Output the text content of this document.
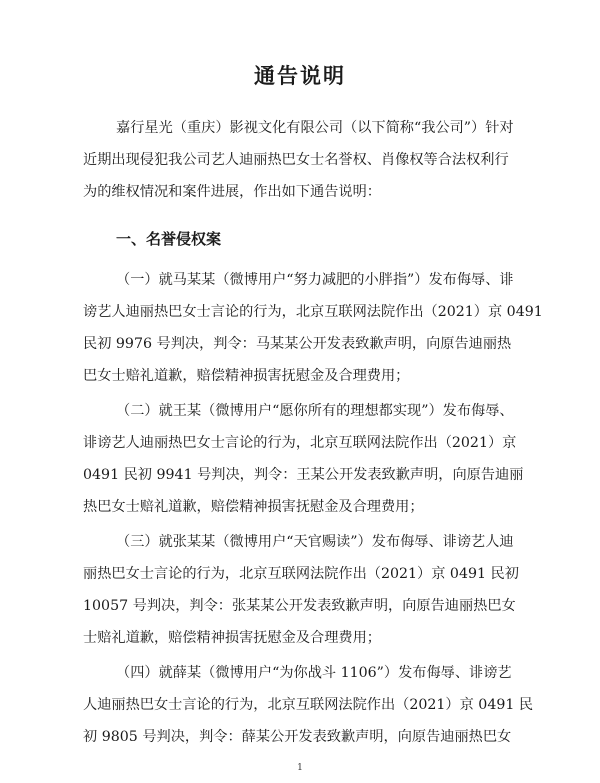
通告说明
嘉行星光（重庆）影视文化有限公司（以下简称“我公司”）针对
近期出现侵犯我公司艺人迪丽热巴女士名誉权、肖像权等合法权利行
为的维权情况和案件进展，作出如下通告说明：
一、名誉侵权案
（一）就马某某（微博用户“努力减肥的小胖指”）发布侮辱、诽
谤艺人迪丽热巴女士言论的行为，北京互联网法院作出（2021）京 0491
民初 9976 号判决，判令：马某某公开发表致歉声明，向原告迪丽热
巴女士赔礼道歉，赔偿精神损害抚慰金及合理费用；
（二）就王某（微博用户“愿你所有的理想都实现”）发布侮辱、
诽谤艺人迪丽热巴女士言论的行为，北京互联网法院作出（2021）京
0491 民初 9941 号判决，判令：王某公开发表致歉声明，向原告迪丽
热巴女士赔礼道歉，赔偿精神损害抚慰金及合理费用；
（三）就张某某（微博用户“天官赐读”）发布侮辱、诽谤艺人迪
丽热巴女士言论的行为，北京互联网法院作出（2021）京 0491 民初
10057 号判决，判令：张某某公开发表致歉声明，向原告迪丽热巴女
士赔礼道歉，赔偿精神损害抚慰金及合理费用；
（四）就薛某（微博用户“为你战斗 1106”）发布侮辱、诽谤艺
人迪丽热巴女士言论的行为，北京互联网法院作出（2021）京 0491 民
初 9805 号判决，判令：薛某公开发表致歉声明，向原告迪丽热巴女
1
